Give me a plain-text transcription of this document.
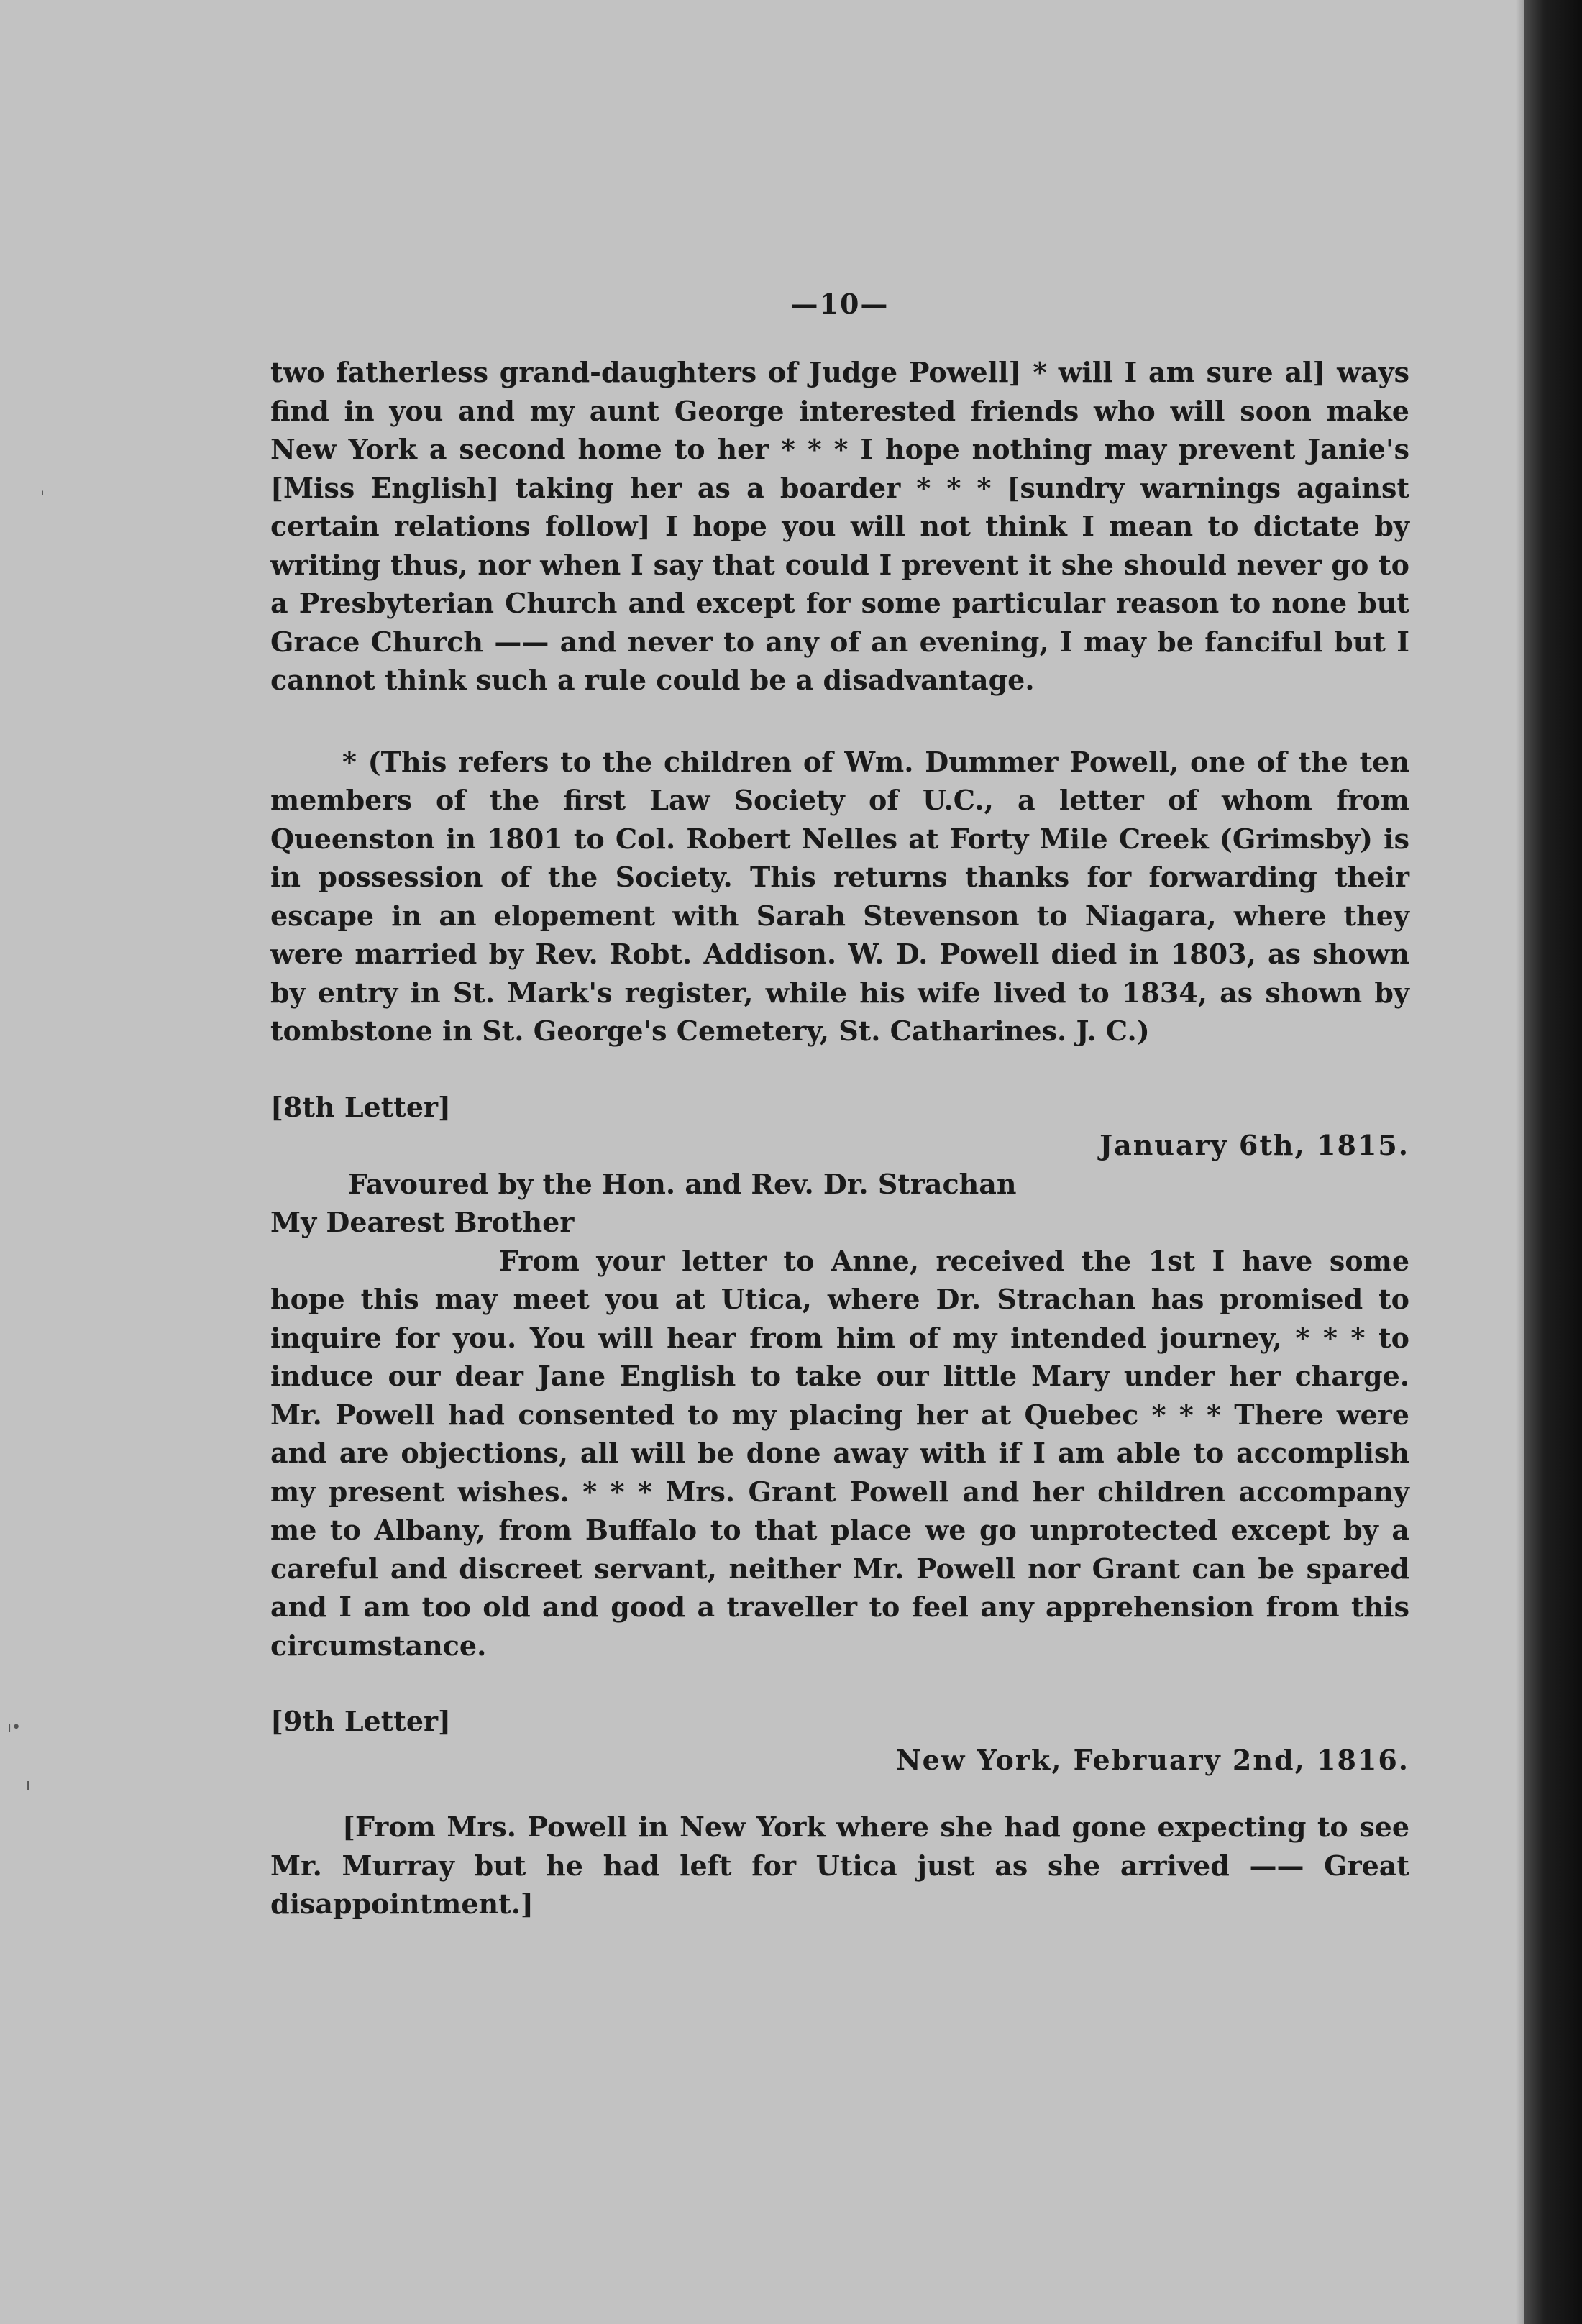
'
ı•
ı
—10—

two fatherless grand-daughters of Judge Powell] * will I am sure al] ways find in you and my aunt George interested friends who will soon make New York a second home to her * * * I hope nothing may prevent Janie's [Miss English] taking her as a boarder * * * [sundry warnings against certain relations follow] I hope you will not think I mean to dictate by writing thus, nor when I say that could I prevent it she should never go to a Presbyterian Church and except for some particular reason to none but Grace Church —— and never to any of an evening, I may be fanciful but I cannot think such a rule could be a disadvantage.

* (This refers to the children of Wm. Dummer Powell, one of the ten members of the first Law Society of U.C., a letter of whom from Queenston in 1801 to Col. Robert Nelles at Forty Mile Creek (Grimsby) is in possession of the Society. This returns thanks for forwarding their escape in an elopement with Sarah Stevenson to Niagara, where they were married by Rev. Robt. Addison. W. D. Powell died in 1803, as shown by entry in St. Mark's register, while his wife lived to 1834, as shown by tombstone in St. George's Cemetery, St. Catharines. J. C.)

[8th Letter]

January 6th, 1815.

Favoured by the Hon. and Rev. Dr. Strachan

My Dearest Brother

From your letter to Anne, received the 1st I have some hope this may meet you at Utica, where Dr. Strachan has promised to inquire for you. You will hear from him of my intended journey, * * * to induce our dear Jane English to take our little Mary under her charge. Mr. Powell had consented to my placing her at Quebec * * * There were and are objections, all will be done away with if I am able to accomplish my present wishes. * * * Mrs. Grant Powell and her children accompany me to Albany, from Buffalo to that place we go unprotected except by a careful and discreet servant, neither Mr. Powell nor Grant can be spared and I am too old and good a traveller to feel any apprehension from this circumstance.

[9th Letter]

New York, February 2nd, 1816.

[From Mrs. Powell in New York where she had gone expecting to see Mr. Murray but he had left for Utica just as she arrived —— Great disappointment.]
